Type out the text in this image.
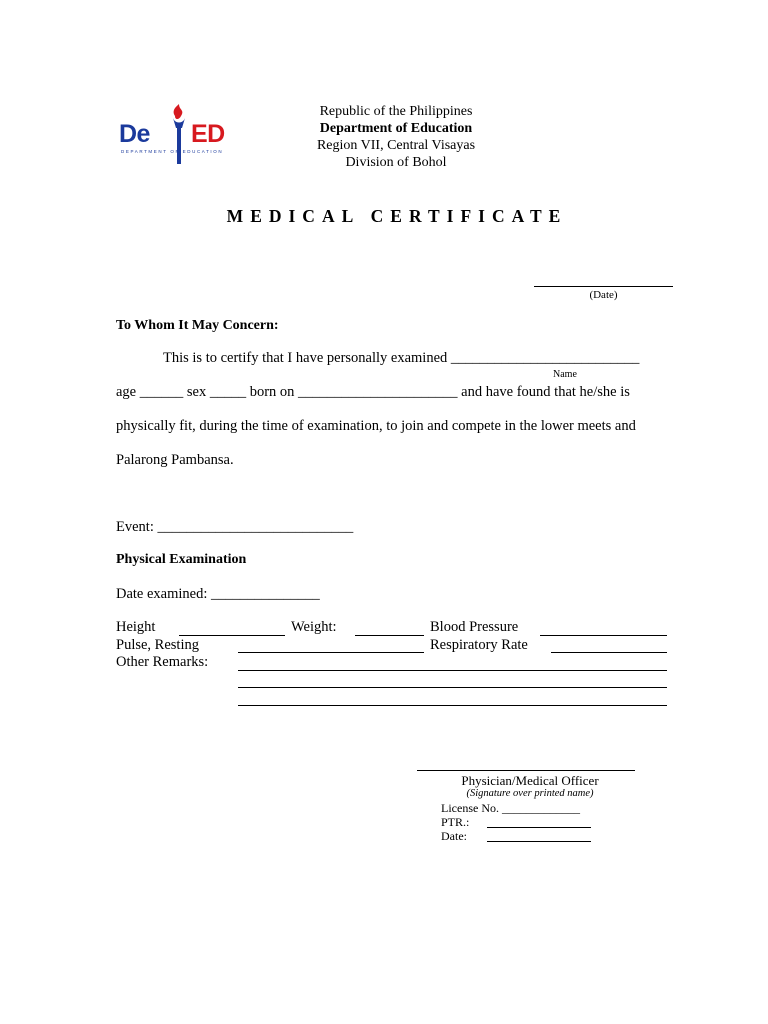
De ED
DEPARTMENT OF EDUCATION
Republic of the Philippines
Department of Education
Region VII, Central Visayas
Division of Bohol
MEDICAL CERTIFICATE
(Date)
To Whom It May Concern:
This is to certify that I have personally examined __________________________
Name
age ______ sex _____ born on ______________________ and have found that he/she is
physically fit, during the time of examination, to join and compete in the lower meets and
Palarong Pambansa.
Event: ___________________________
Physical Examination
Date examined: _______________
Height	Weight:	Blood Pressure
Pulse, Resting	Respiratory Rate
Other Remarks:
Physician/Medical Officer
(Signature over printed name)
License No. _____________
PTR.:
Date:
